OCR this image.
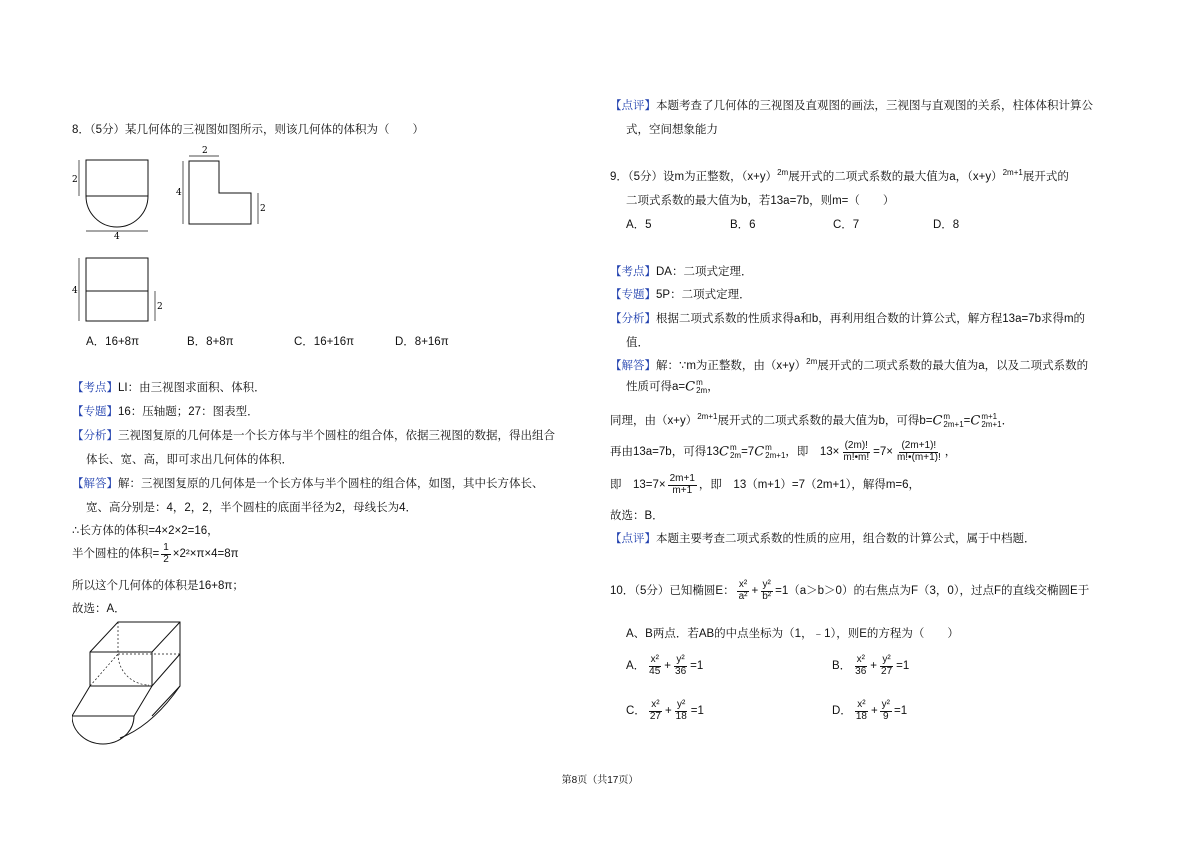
8．（5分）某几何体的三视图如图所示，则该几何体的体积为（　　）
2
4
2
4
2
4
2
A．16+8π	B．8+8π	C．16+16π	D．8+16π
【考点】LI：由三视图求面积、体积．
【专题】16：压轴题；27：图表型．
【分析】三视图复原的几何体是一个长方体与半个圆柱的组合体，依据三视图的数据，得出组合
体长、宽、高，即可求出几何体的体积．
【解答】解：三视图复原的几何体是一个长方体与半个圆柱的组合体，如图，其中长方体长、
宽、高分别是：4，2，2，半个圆柱的底面半径为2，母线长为4．
∴长方体的体积=4×2×2=16，
半个圆柱的体积= $\frac{1}{2} \times 2^2\times\pi\times 4=8\pi$
所以这个几何体的体积是16+8π；
故选：A．
【点评】本题考查了几何体的三视图及直观图的画法，三视图与直观图的关系，柱体体积计算公
式，空间想象能力
9．（5分）设m为正整数，$(x+y)^{2m}$展开式的二项式系数的最大值为a，$(x+y)^{2m+1}$展开式的
二项式系数的最大值为b，若13a=7b，则m=（　　）
A．5	B．6	C．7	D．8
【考点】DA：二项式定理．
【专题】5P：二项式定理．
【分析】根据二项式系数的性质求得a和b，再利用组合数的计算公式，解方程13a=7b求得m的
值．
【解答】解：∵m为正整数，由$(x+y)^{2m}$展开式的二项式系数的最大值为a，以及二项式系数的
性质可得a=C m
2m ，
同理，由$(x+y)^{2m+1}$展开式的二项式系数的最大值为b，可得b=C m
2m+1 =C m+1
2m+1 ．
再由13a=7b，可得13C m
2m =7C m
2m+1 ，即　$13\times \frac{(2m)!}{m!•m!} =7\times \frac{(2m+1)!}{m!•(m+1)!}$ ，
即　$13=7\times \frac{2m+1}{m+1}$ ，即　13（m+1）=7（2m+1），解得m=6，
故选：B．
【点评】本题主要考查二项式系数的性质的应用，组合数的计算公式，属于中档题．
10．（5分）已知椭圆E： $\frac{\text{x²}}{\text{a²}} + \frac{\text{y²}}{\text{b²}} =1(a>b>0)$的右焦点为F（3，0），过点F的直线交椭圆E于
A、B两点．若AB的中点坐标为（1，﹣1），则E的方程为（　　）
A． $\frac{\text{x²}}{45} + \frac{\text{y²}}{36} =1$	B． $\frac{\text{x²}}{36} + \frac{\text{y²}}{27} =1$
C． $\frac{\text{x²}}{27} + \frac{\text{y²}}{18} =1$	D． $\frac{\text{x²}}{18} + \frac{\text{y²}}{9} =1$
第8页（共17页）
